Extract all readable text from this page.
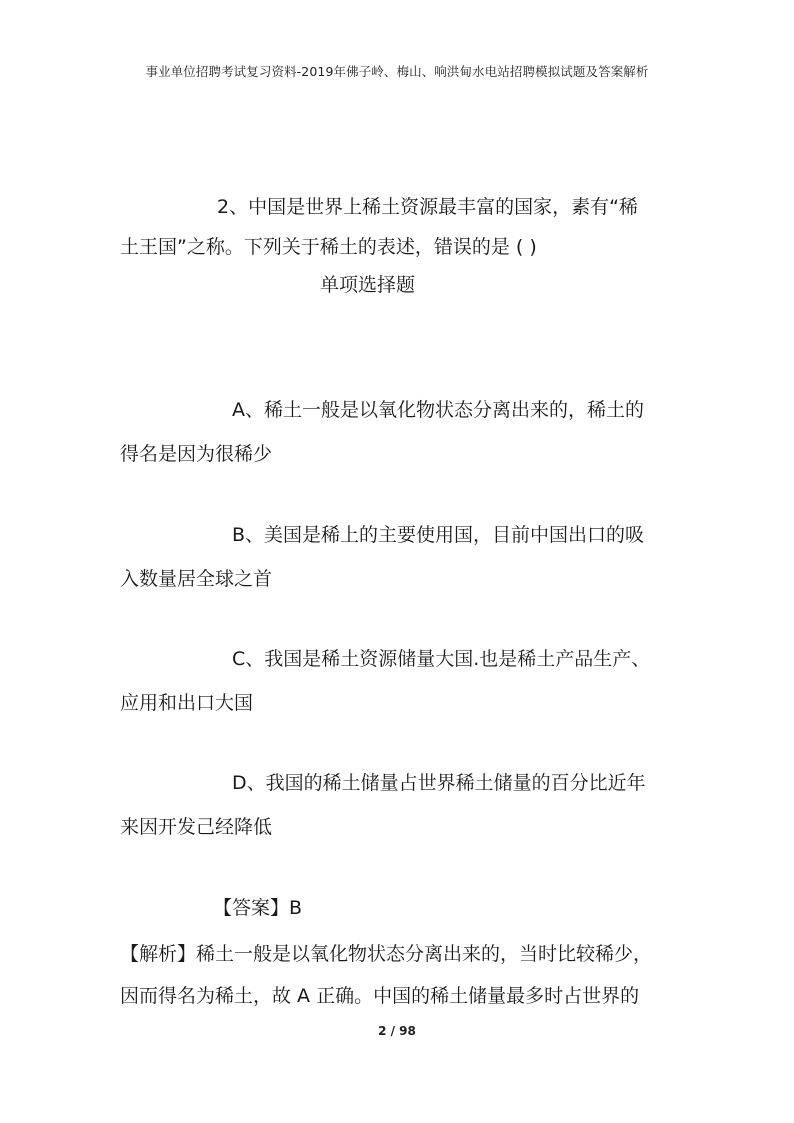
事业单位招聘考试复习资料-2019年佛子岭、梅山、响洪甸水电站招聘模拟试题及答案解析
2、中国是世界上稀土资源最丰富的国家，素有“稀
土王国”之称。下列关于稀土的表述，错误的是 ( )
单项选择题
A、稀土一般是以氧化物状态分离出来的，稀土的
得名是因为很稀少
B、美国是稀上的主要使用国，目前中国出口的吸
入数量居全球之首
C、我国是稀土资源储量大国.也是稀土产品生产、
应用和出口大国
D、我国的稀土储量占世界稀土储量的百分比近年
来因开发己经降低
【答案】B
【解析】稀土一般是以氧化物状态分离出来的，当时比较稀少，
因而得名为稀土，故 A 正确。中国的稀土储量最多时占世界的
2 / 98
